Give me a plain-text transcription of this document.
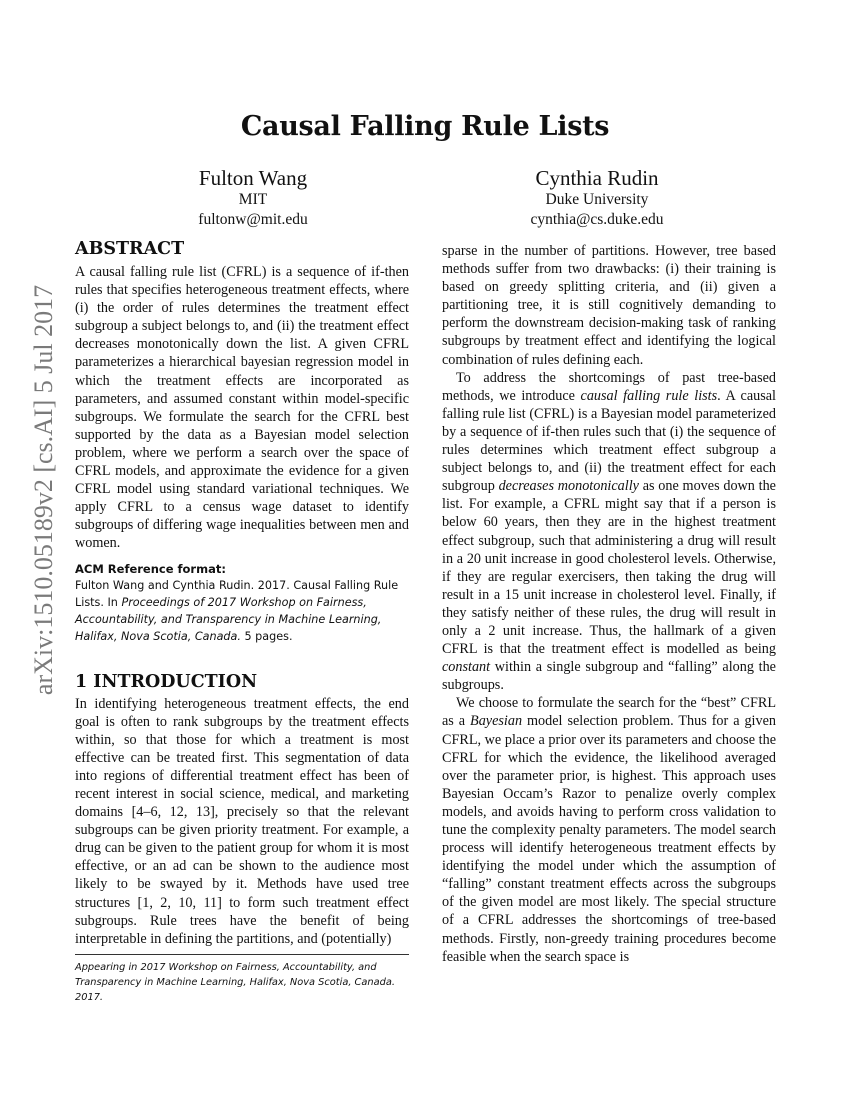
arXiv:1510.05189v2 [cs.AI] 5 Jul 2017
Causal Falling Rule Lists
Fulton Wang
MIT
fultonw@mit.edu
Cynthia Rudin
Duke University
cynthia@cs.duke.edu
ABSTRACT

A causal falling rule list (CFRL) is a sequence of if-then rules that specifies heterogeneous treatment effects, where (i) the order of rules determines the treatment effect subgroup a subject belongs to, and (ii) the treatment effect decreases monotonically down the list. A given CFRL parameterizes a hierarchical bayesian regression model in which the treatment effects are incorporated as parameters, and assumed constant within model-specific subgroups. We formulate the search for the CFRL best supported by the data as a Bayesian model selection problem, where we perform a search over the space of CFRL models, and approximate the evidence for a given CFRL model using standard variational techniques. We apply CFRL to a census wage dataset to identify subgroups of differing wage inequalities between men and women.

ACM Reference format:

Fulton Wang and Cynthia Rudin. 2017. Causal Falling Rule Lists. In Proceedings of 2017 Workshop on Fairness, Accountability, and Transparency in Machine Learning, Halifax, Nova Scotia, Canada. 5 pages.

1 INTRODUCTION

In identifying heterogeneous treatment effects, the end goal is often to rank subgroups by the treatment effects within, so that those for which a treatment is most effective can be treated first. This segmentation of data into regions of differential treatment effect has been of recent interest in social science, medical, and marketing domains [4–6, 12, 13], precisely so that the relevant subgroups can be given priority treatment. For example, a drug can be given to the patient group for whom it is most effective, or an ad can be shown to the audience most likely to be swayed by it. Methods have used tree structures [1, 2, 10, 11] to form such treatment effect subgroups. Rule trees have the benefit of being interpretable in defining the partitions, and (potentially)

Appearing in 2017 Workshop on Fairness, Accountability, and Transparency in Machine Learning, Halifax, Nova Scotia, Canada. 2017.

sparse in the number of partitions. However, tree based methods suffer from two drawbacks: (i) their training is based on greedy splitting criteria, and (ii) given a partitioning tree, it is still cognitively demanding to perform the downstream decision-making task of ranking subgroups by treatment effect and identifying the logical combination of rules defining each.

To address the shortcomings of past tree-based methods, we introduce causal falling rule lists. A causal falling rule list (CFRL) is a Bayesian model parameterized by a sequence of if-then rules such that (i) the sequence of rules determines which treatment effect subgroup a subject belongs to, and (ii) the treatment effect for each subgroup decreases monotonically as one moves down the list. For example, a CFRL might say that if a person is below 60 years, then they are in the highest treatment effect subgroup, such that administering a drug will result in a 20 unit increase in good cholesterol levels. Otherwise, if they are regular exercisers, then taking the drug will result in a 15 unit increase in cholesterol level. Finally, if they satisfy neither of these rules, the drug will result in only a 2 unit increase. Thus, the hallmark of a given CFRL is that the treatment effect is modelled as being constant within a single subgroup and “falling” along the subgroups.

We choose to formulate the search for the “best” CFRL as a Bayesian model selection problem. Thus for a given CFRL, we place a prior over its parameters and choose the CFRL for which the evidence, the likelihood averaged over the parameter prior, is highest. This approach uses Bayesian Occam’s Razor to penalize overly complex models, and avoids having to perform cross validation to tune the complexity penalty parameters. The model search process will identify heterogeneous treatment effects by identifying the model under which the assumption of “falling” constant treatment effects across the subgroups of the given model are most likely. The special structure of a CFRL addresses the shortcomings of tree-based methods. Firstly, non-greedy training procedures become feasible when the search space is
